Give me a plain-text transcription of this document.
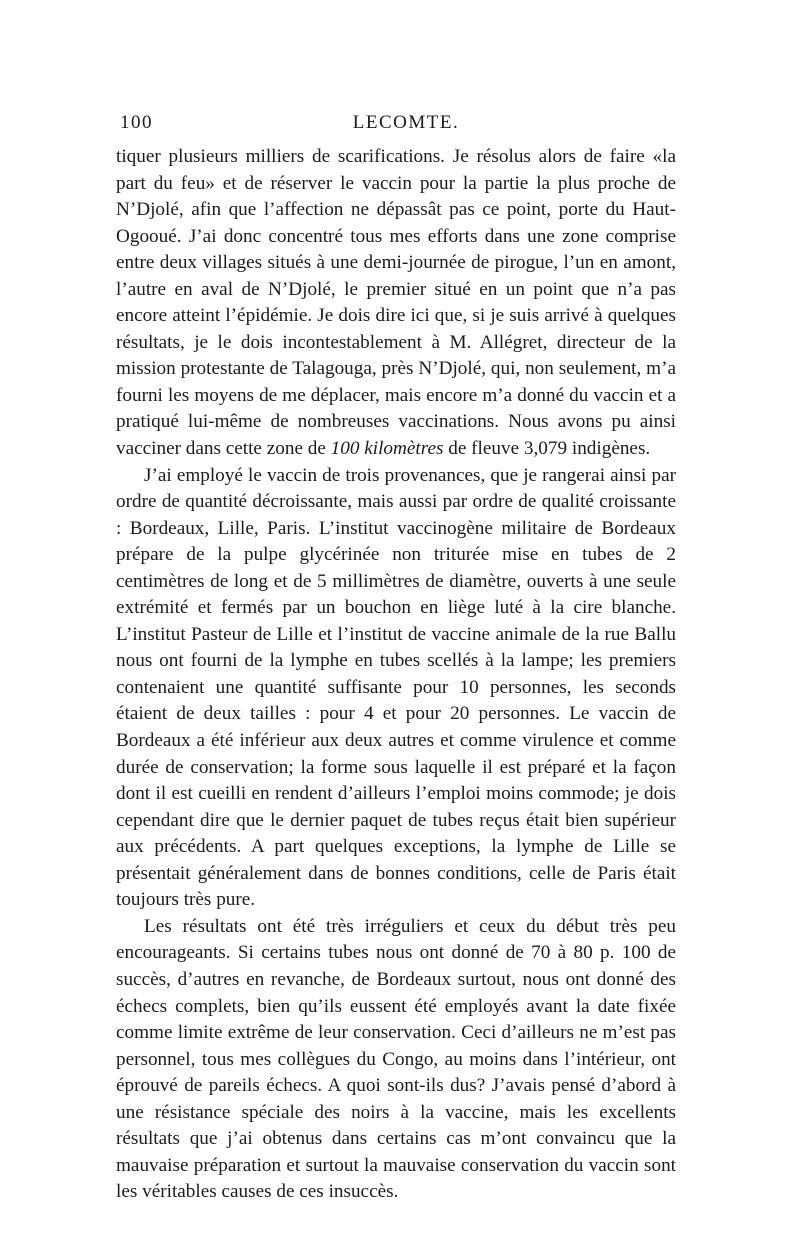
100	LECOMTE.

tiquer plusieurs milliers de scarifications. Je résolus alors de faire «la part du feu» et de réserver le vaccin pour la partie la plus proche de N’Djolé, afin que l’affection ne dépassât pas ce point, porte du Haut-Ogooué. J’ai donc concentré tous mes efforts dans une zone comprise entre deux villages situés à une demi-journée de pirogue, l’un en amont, l’autre en aval de N’Djolé, le premier situé en un point que n’a pas encore atteint l’épidémie. Je dois dire ici que, si je suis arrivé à quelques résultats, je le dois incontestablement à M. Allégret, directeur de la mission protestante de Talagouga, près N’Djolé, qui, non seulement, m’a fourni les moyens de me déplacer, mais encore m’a donné du vaccin et a pratiqué lui-même de nombreuses vaccinations. Nous avons pu ainsi vacciner dans cette zone de 100 kilomètres de fleuve 3,079 indigènes.

J’ai employé le vaccin de trois provenances, que je rangerai ainsi par ordre de quantité décroissante, mais aussi par ordre de qualité croissante : Bordeaux, Lille, Paris. L’institut vaccinogène militaire de Bordeaux prépare de la pulpe glycérinée non triturée mise en tubes de 2 centimètres de long et de 5 millimètres de diamètre, ouverts à une seule extrémité et fermés par un bouchon en liège luté à la cire blanche. L’institut Pasteur de Lille et l’institut de vaccine animale de la rue Ballu nous ont fourni de la lymphe en tubes scellés à la lampe; les premiers contenaient une quantité suffisante pour 10 personnes, les seconds étaient de deux tailles : pour 4 et pour 20 personnes. Le vaccin de Bordeaux a été inférieur aux deux autres et comme virulence et comme durée de conservation; la forme sous laquelle il est préparé et la façon dont il est cueilli en rendent d’ailleurs l’emploi moins commode; je dois cependant dire que le dernier paquet de tubes reçus était bien supérieur aux précédents. A part quelques exceptions, la lymphe de Lille se présentait généralement dans de bonnes conditions, celle de Paris était toujours très pure.

Les résultats ont été très irréguliers et ceux du début très peu encourageants. Si certains tubes nous ont donné de 70 à 80 p. 100 de succès, d’autres en revanche, de Bordeaux surtout, nous ont donné des échecs complets, bien qu’ils eussent été employés avant la date fixée comme limite extrême de leur conservation. Ceci d’ailleurs ne m’est pas personnel, tous mes collègues du Congo, au moins dans l’intérieur, ont éprouvé de pareils échecs. A quoi sont-ils dus? J’avais pensé d’abord à une résistance spéciale des noirs à la vaccine, mais les excellents résultats que j’ai obtenus dans certains cas m’ont convaincu que la mauvaise préparation et surtout la mauvaise conservation du vaccin sont les véritables causes de ces insuccès.
